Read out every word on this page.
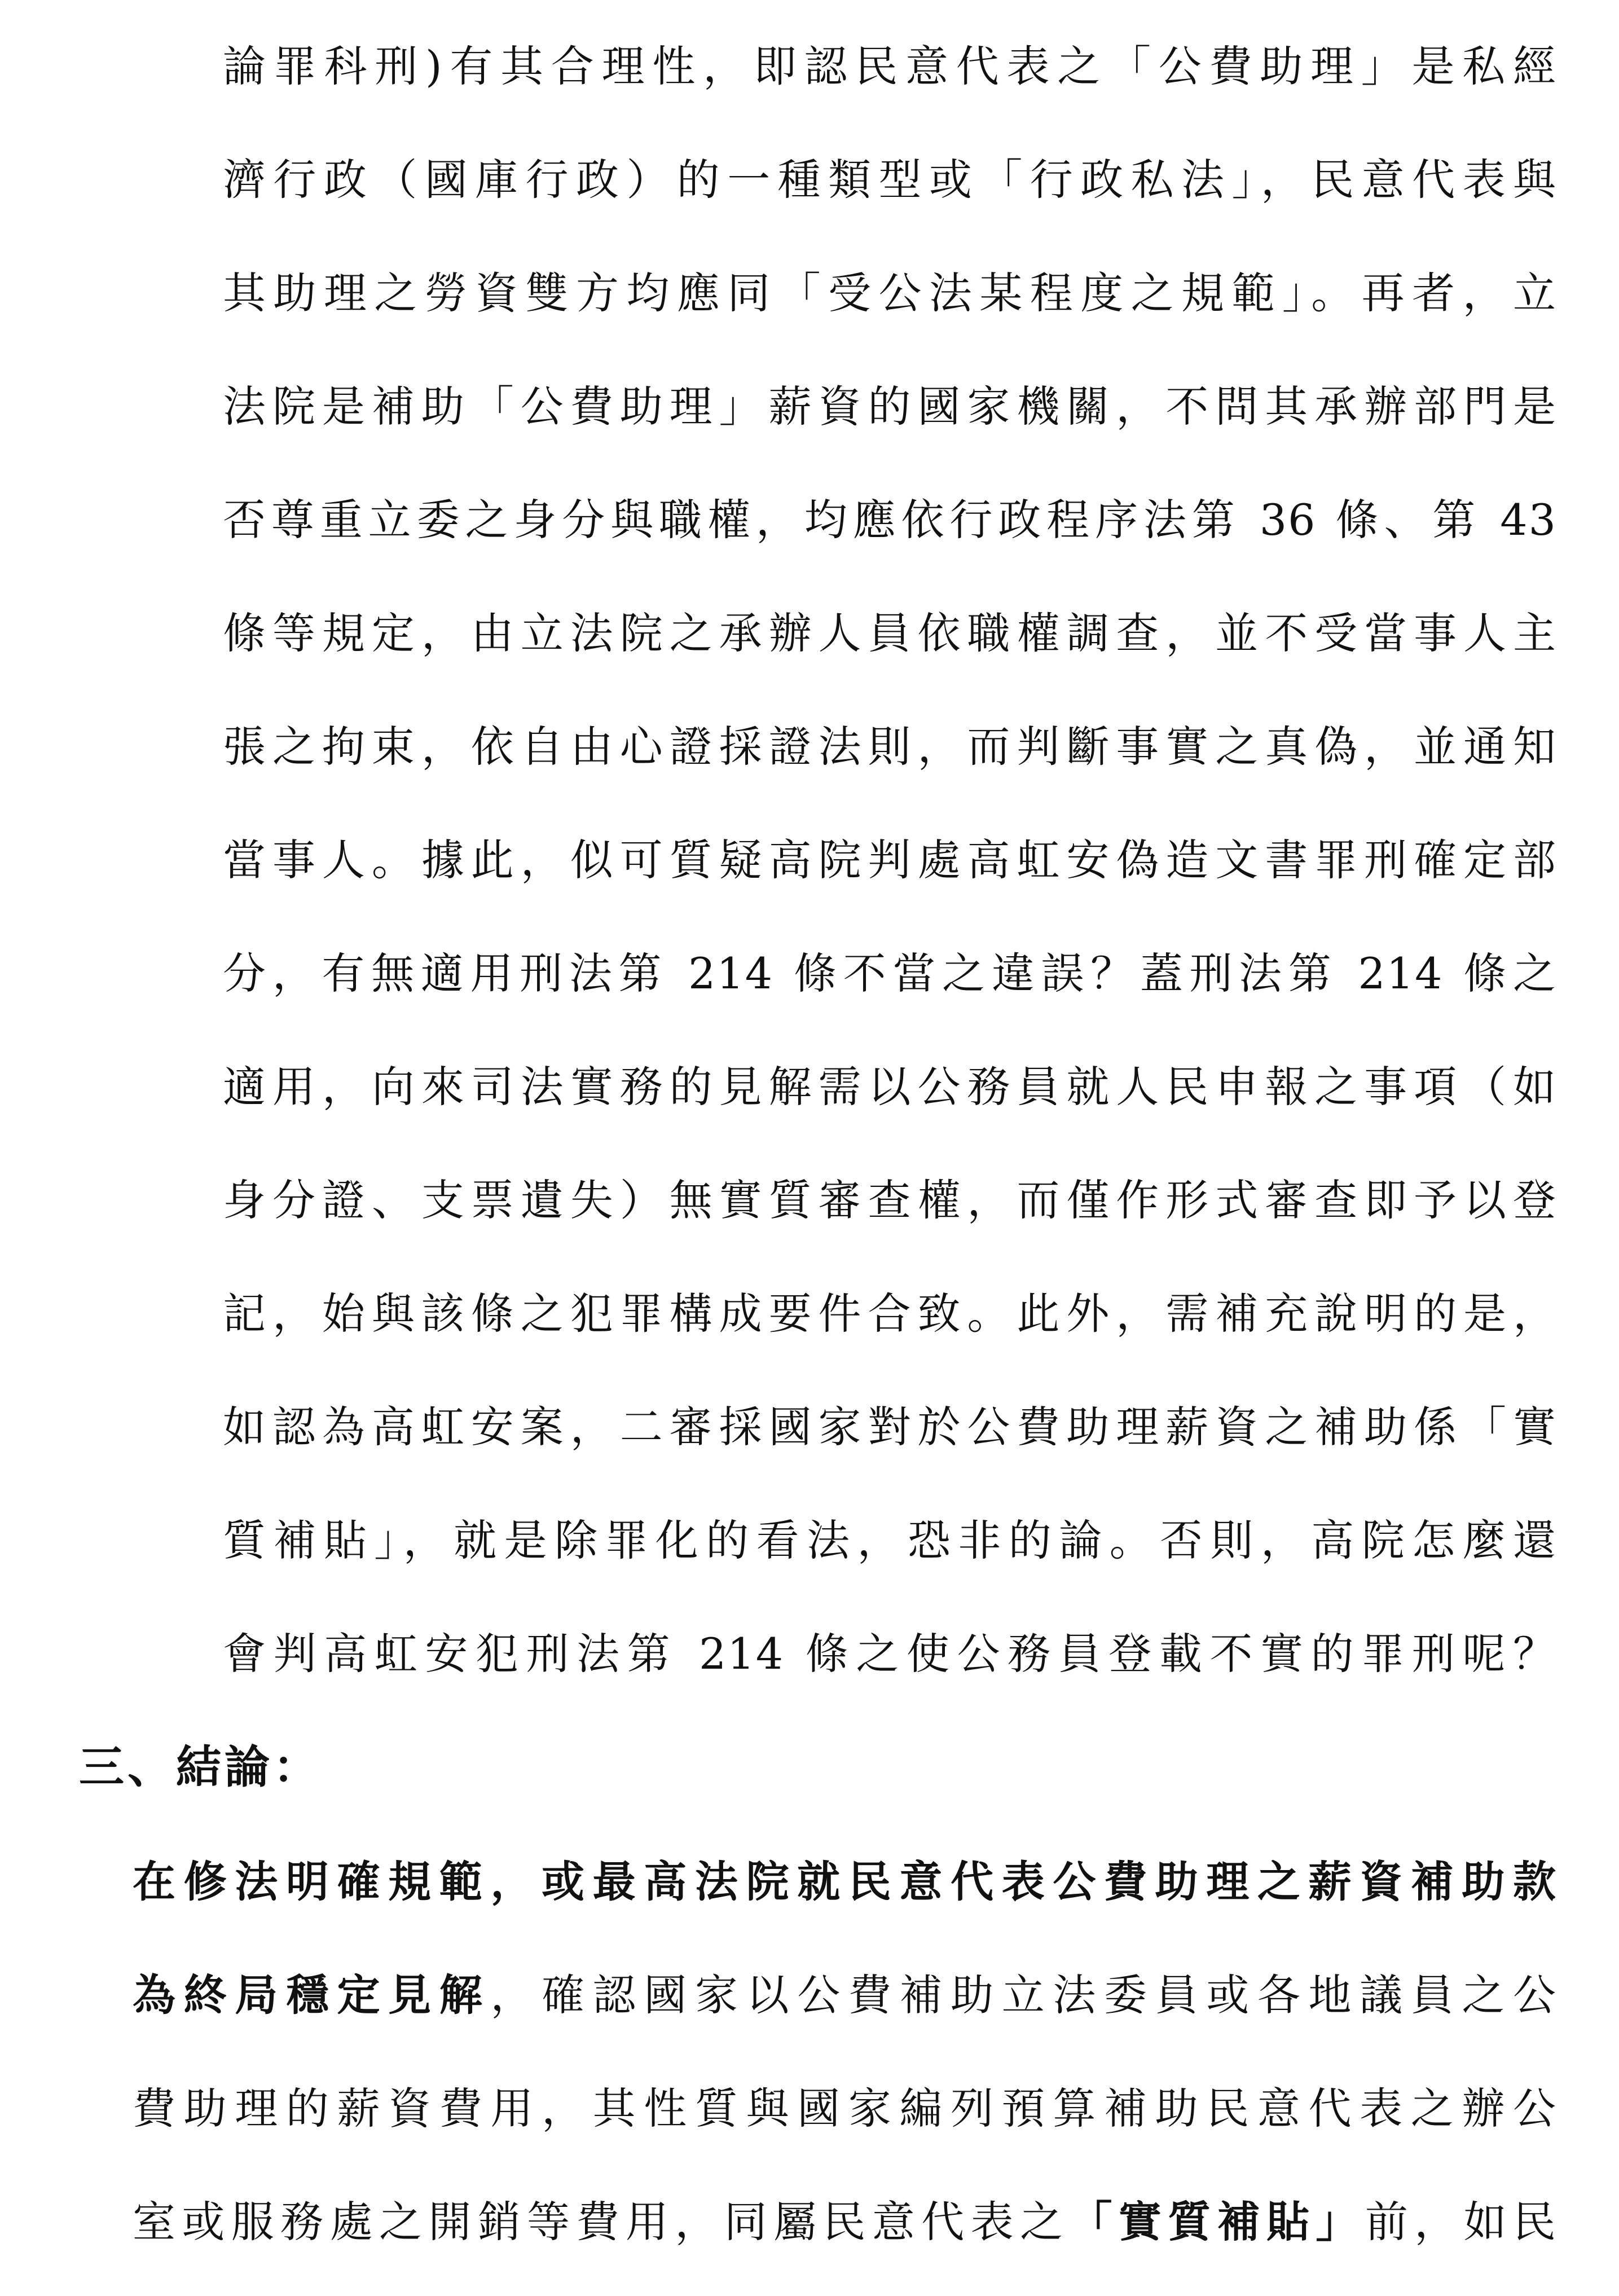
論罪科刑)有其合理性，即認民意代表之「公費助理」是私經
濟行政（國庫行政）的一種類型或「行政私法」，民意代表與
其助理之勞資雙方均應同「受公法某程度之規範」。再者，立
法院是補助「公費助理」薪資的國家機關，不問其承辦部門是
否尊重立委之身分與職權，均應依行政程序法第 36 條、第 43
條等規定，由立法院之承辦人員依職權調查，並不受當事人主
張之拘束，依自由心證採證法則，而判斷事實之真偽，並通知
當事人。據此，似可質疑高院判處高虹安偽造文書罪刑確定部
分，有無適用刑法第 214 條不當之違誤？蓋刑法第 214 條之
適用，向來司法實務的見解需以公務員就人民申報之事項（如
身分證、支票遺失）無實質審查權，而僅作形式審查即予以登
記，始與該條之犯罪構成要件合致。此外，需補充說明的是，
如認為高虹安案，二審採國家對於公費助理薪資之補助係「實
質補貼」，就是除罪化的看法，恐非的論。否則，高院怎麼還
會判高虹安犯刑法第 214 條之使公務員登載不實的罪刑呢？
三、結論：
在修法明確規範，或最高法院就民意代表公費助理之薪資補助款
為終局穩定見解，確認國家以公費補助立法委員或各地議員之公
費助理的薪資費用，其性質與國家編列預算補助民意代表之辦公
室或服務處之開銷等費用，同屬民意代表之「實質補貼」前，如民
